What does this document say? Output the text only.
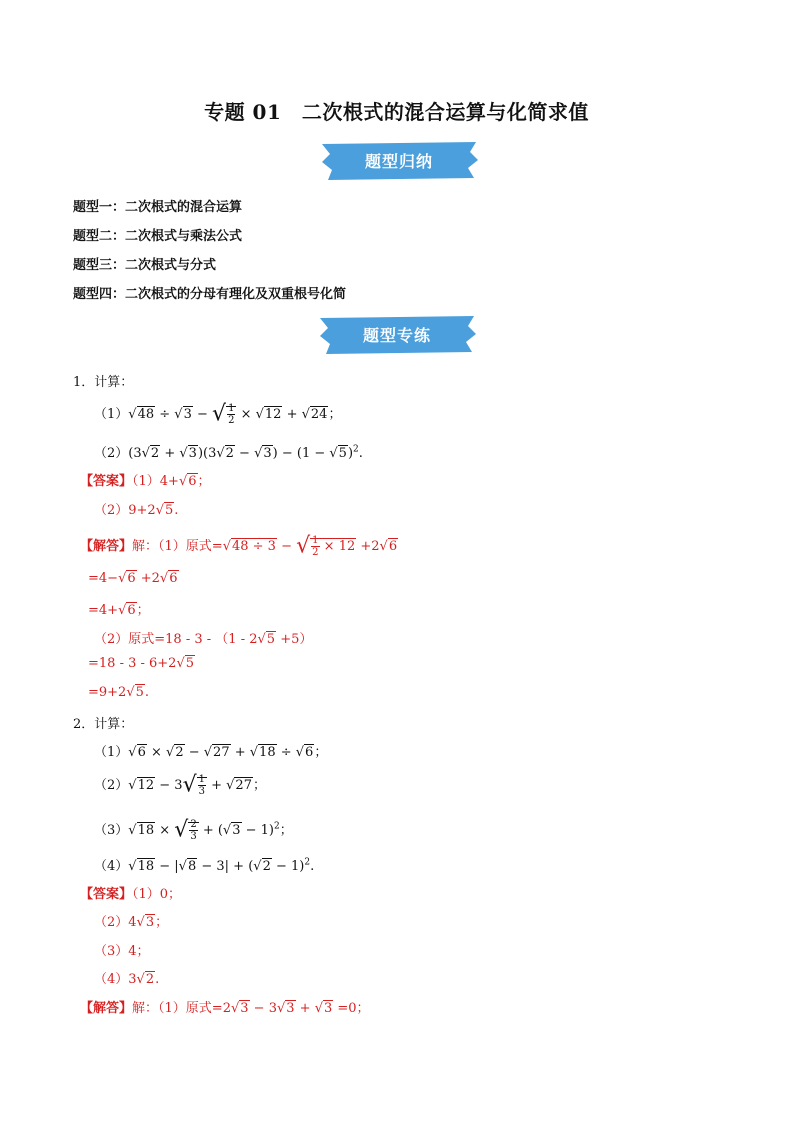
专题 01　二次根式的混合运算与化简求值
题型归纳
题型一：二次根式的混合运算
题型二：二次根式与乘法公式
题型三：二次根式与分式
题型四：二次根式的分母有理化及双重根号化简
题型专练
1．计算：
（1）√48 ÷ √3 − √ $\frac{1}{2} \times √12 + √24$；
$(2)(3√2 + √3)(3√2 - √3) - (1 - √5)^2$.
【答案】（1）4+√6；
（2）9+2√5.
【解答】解：（1）原式=√48 ÷ 3 − √ $\frac{1}{2} \times 12 +2√6$
=4−√6 +2√6
=4+√6；
（2）原式=18 - 3 - （1 - 2√5 +5）
=18 - 3 - 6+2√5
=9+2√5.
2．计算：
（1）√6 × √2 − √27 + √18 ÷ √6；
$(2)√12 - 3√ \frac{1}{3} + √27$；
（3）√18 × √ $\frac{2}{3} + (√3 - 1)^2$；
$(4)√18 - |√8 - 3| + (√2 - 1)^2$.
【答案】（1）0；
（2）4√3；
（3）4；
（4）3√2.
【解答】解：（1）原式=2√3 − 3√3 + √3 =0；
